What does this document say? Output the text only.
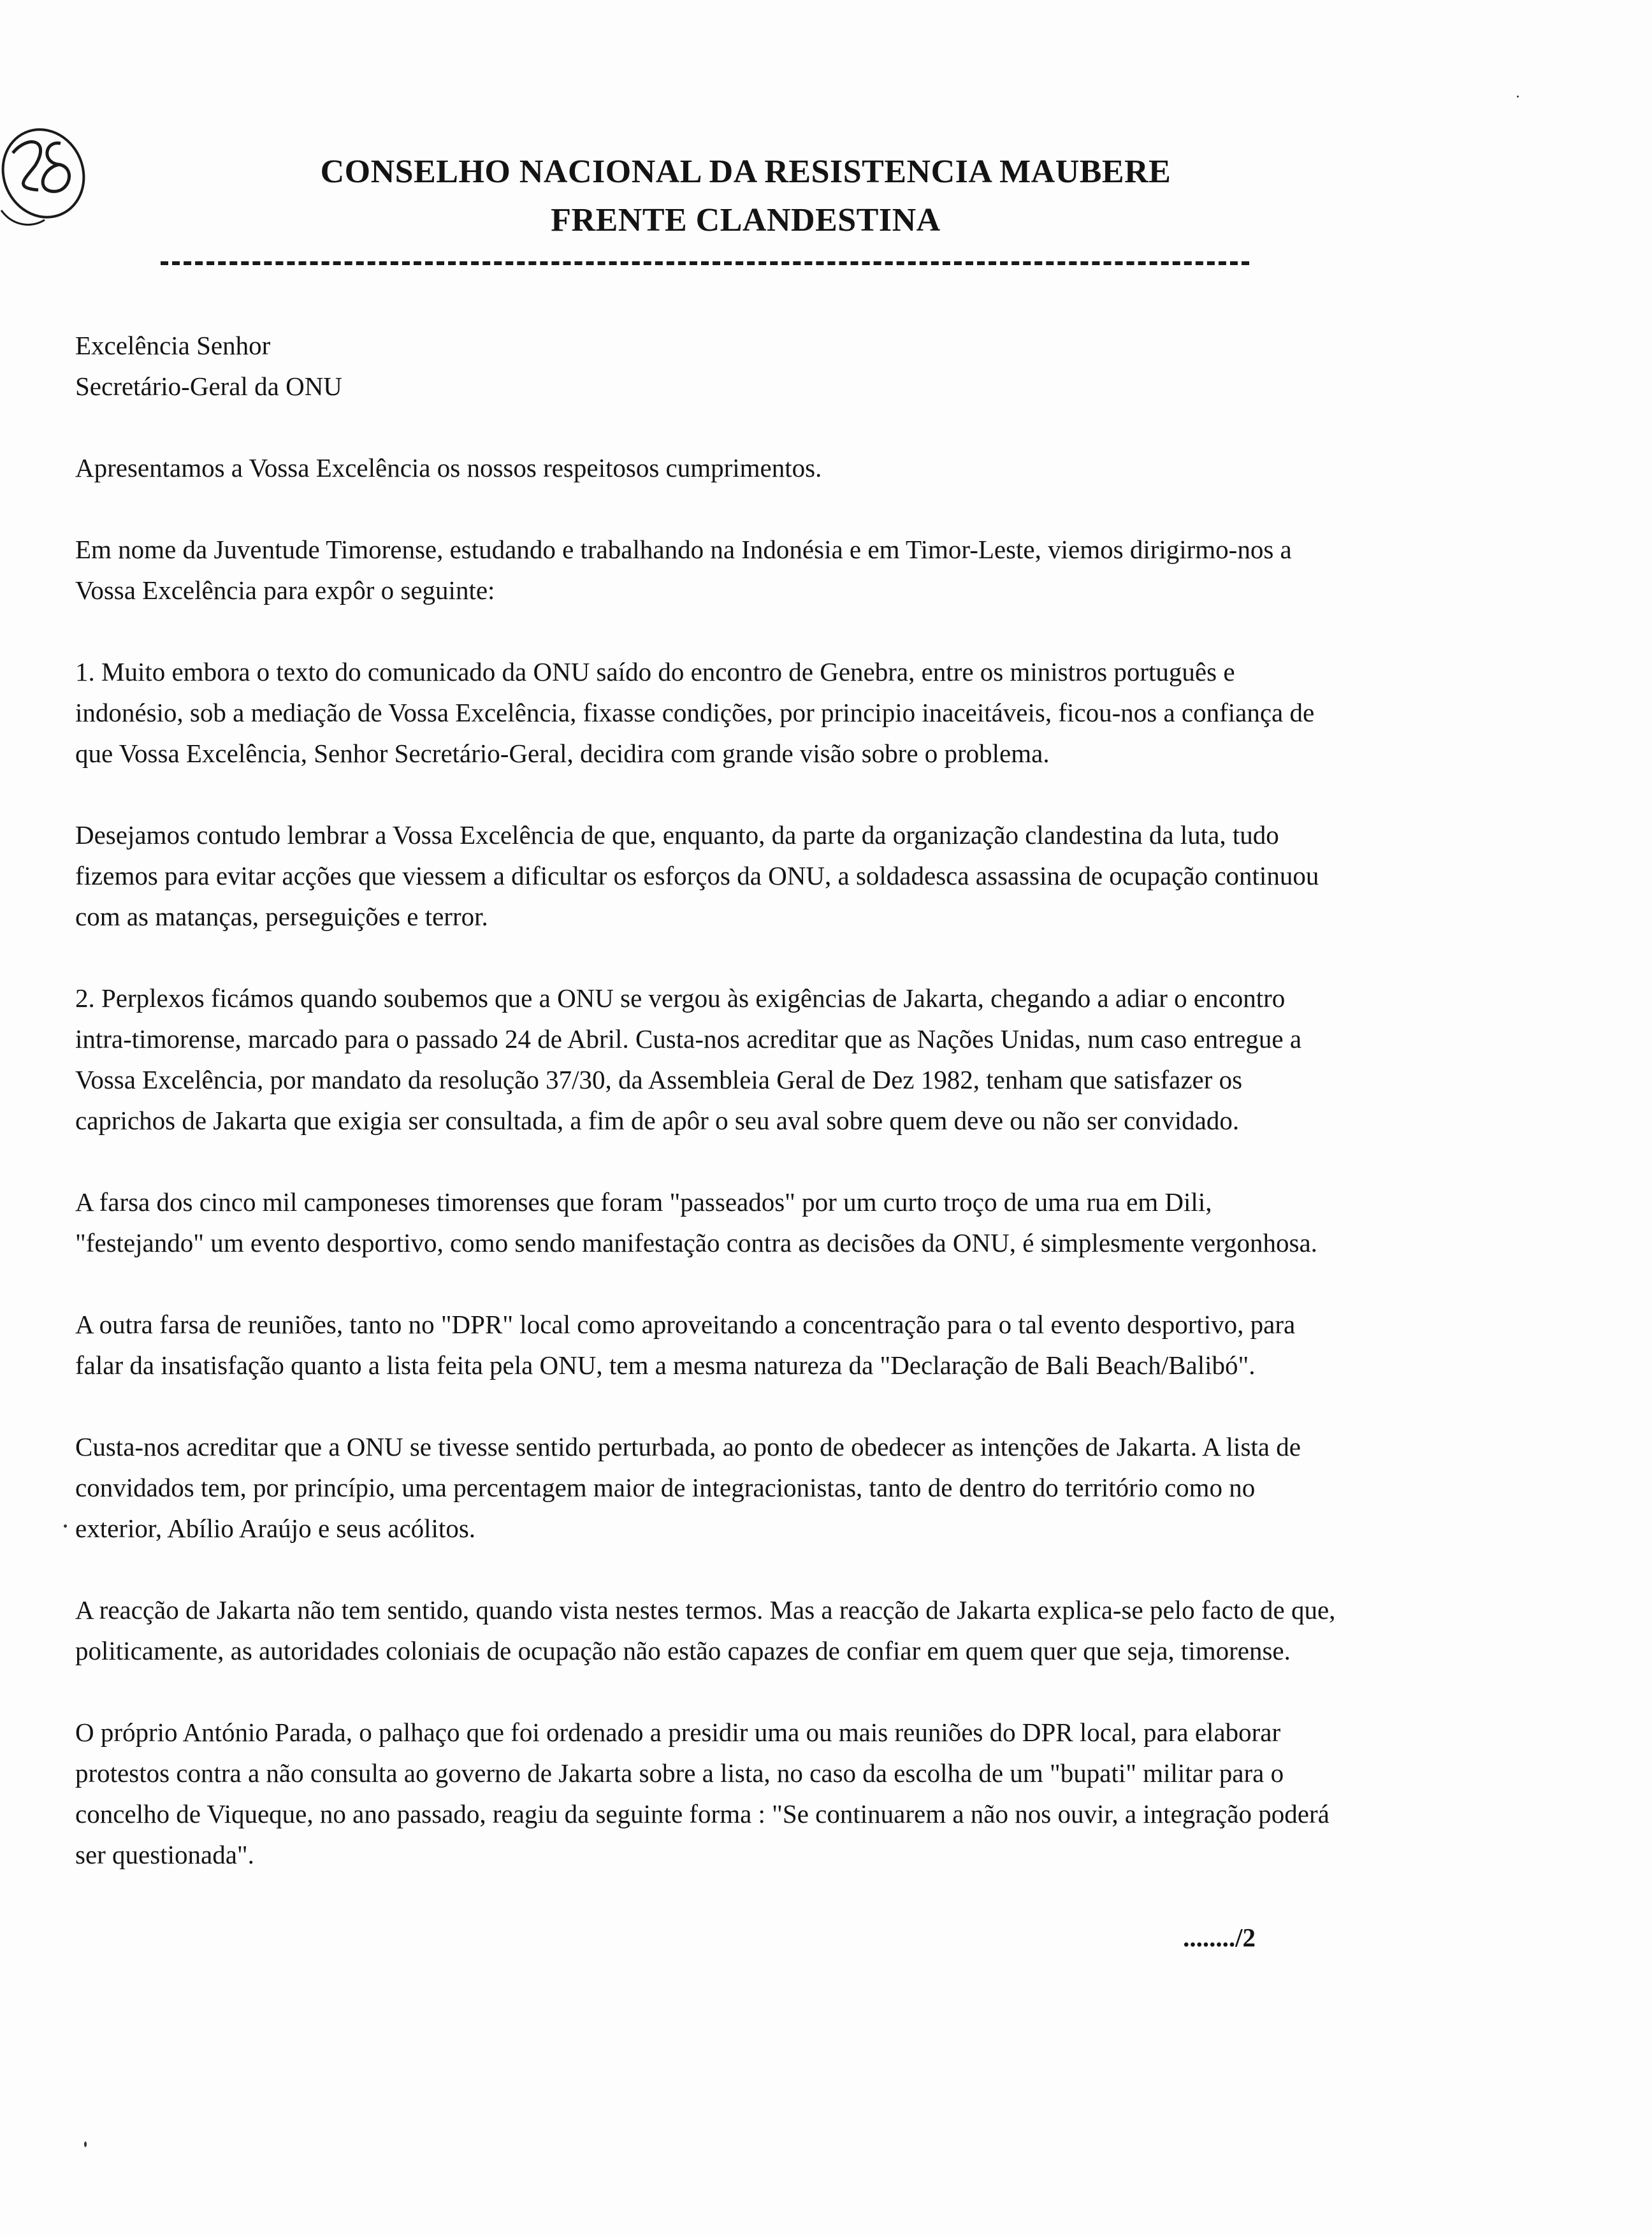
CONSELHO NACIONAL DA RESISTENCIA MAUBERE
FRENTE CLANDESTINA
Excelência Senhor
Secretário-Geral da ONU

Apresentamos a Vossa Excelência os nossos respeitosos cumprimentos.

Em nome da Juventude Timorense, estudando e trabalhando na Indonésia e em Timor-Leste, viemos dirigirmo-nos a Vossa Excelência para expôr o seguinte:

1. Muito embora o texto do comunicado da ONU saído do encontro de Genebra, entre os ministros português e indonésio, sob a mediação de Vossa Excelência, fixasse condições, por principio inaceitáveis, ficou-nos a confiança de que Vossa Excelência, Senhor Secretário-Geral, decidira com grande visão sobre o problema.

Desejamos contudo lembrar a Vossa Excelência de que, enquanto, da parte da organização clandestina da luta, tudo fizemos para evitar acções que viessem a dificultar os esforços da ONU, a soldadesca assassina de ocupação continuou com as matanças, perseguições e terror.

2. Perplexos ficámos quando soubemos que a ONU se vergou às exigências de Jakarta, chegando a adiar o encontro intra-timorense, marcado para o passado 24 de Abril. Custa-nos acreditar que as Nações Unidas, num caso entregue a Vossa Excelência, por mandato da resolução 37/30, da Assembleia Geral de Dez 1982, tenham que satisfazer os caprichos de Jakarta que exigia ser consultada, a fim de apôr o seu aval sobre quem deve ou não ser convidado.

A farsa dos cinco mil camponeses timorenses que foram "passeados" por um curto troço de uma rua em Dili, "festejando" um evento desportivo, como sendo manifestação contra as decisões da ONU, é simplesmente vergonhosa.

A outra farsa de reuniões, tanto no "DPR" local como aproveitando a concentração para o tal evento desportivo, para falar da insatisfação quanto a lista feita pela ONU, tem a mesma natureza da "Declaração de Bali Beach/Balibó".

Custa-nos acreditar que a ONU se tivesse sentido perturbada, ao ponto de obedecer as intenções de Jakarta. A lista de convidados tem, por princípio, uma percentagem maior de integracionistas, tanto de dentro do território como no exterior, Abílio Araújo e seus acólitos.

A reacção de Jakarta não tem sentido, quando vista nestes termos. Mas a reacção de Jakarta explica-se pelo facto de que, politicamente, as autoridades coloniais de ocupação não estão capazes de confiar em quem quer que seja, timorense.

O próprio António Parada, o palhaço que foi ordenado a presidir uma ou mais reuniões do DPR local, para elaborar protestos contra a não consulta ao governo de Jakarta sobre a lista, no caso da escolha de um "bupati" militar para o concelho de Viqueque, no ano passado, reagiu da seguinte forma : "Se continuarem a não nos ouvir, a integração poderá ser questionada".

......../2
